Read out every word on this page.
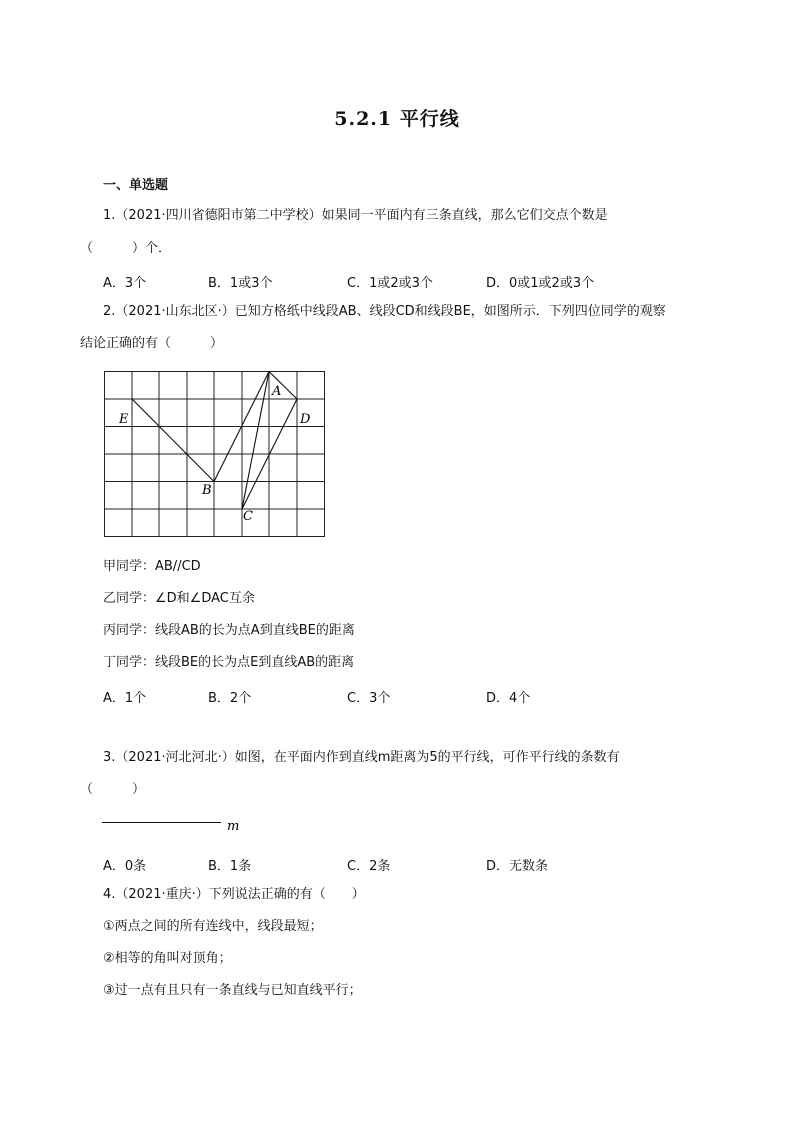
5.2.1 平行线
一、单选题
1.（2021·四川省德阳市第二中学校）如果同一平面内有三条直线，那么它们交点个数是
（　　　）个．
A．3个	B．1或3个	C．1或2或3个	D．0或1或2或3个
2.（2021·山东北区·）已知方格纸中线段AB、线段CD和线段BE，如图所示．下列四位同学的观察
结论正确的有（　　　）
A
D
E
B
C
甲同学：AB//CD
乙同学：∠D和∠DAC互余
丙同学：线段AB的长为点A到直线BE的距离
丁同学：线段BE的长为点E到直线AB的距离
A．1个	B．2个	C．3个	D．4个
3.（2021·河北河北·）如图，在平面内作到直线m距离为5的平行线，可作平行线的条数有
（　　　）
m
A．0条	B．1条	C．2条	D．无数条
4.（2021·重庆·）下列说法正确的有（　　）
①两点之间的所有连线中，线段最短；
②相等的角叫对顶角；
③过一点有且只有一条直线与已知直线平行；
